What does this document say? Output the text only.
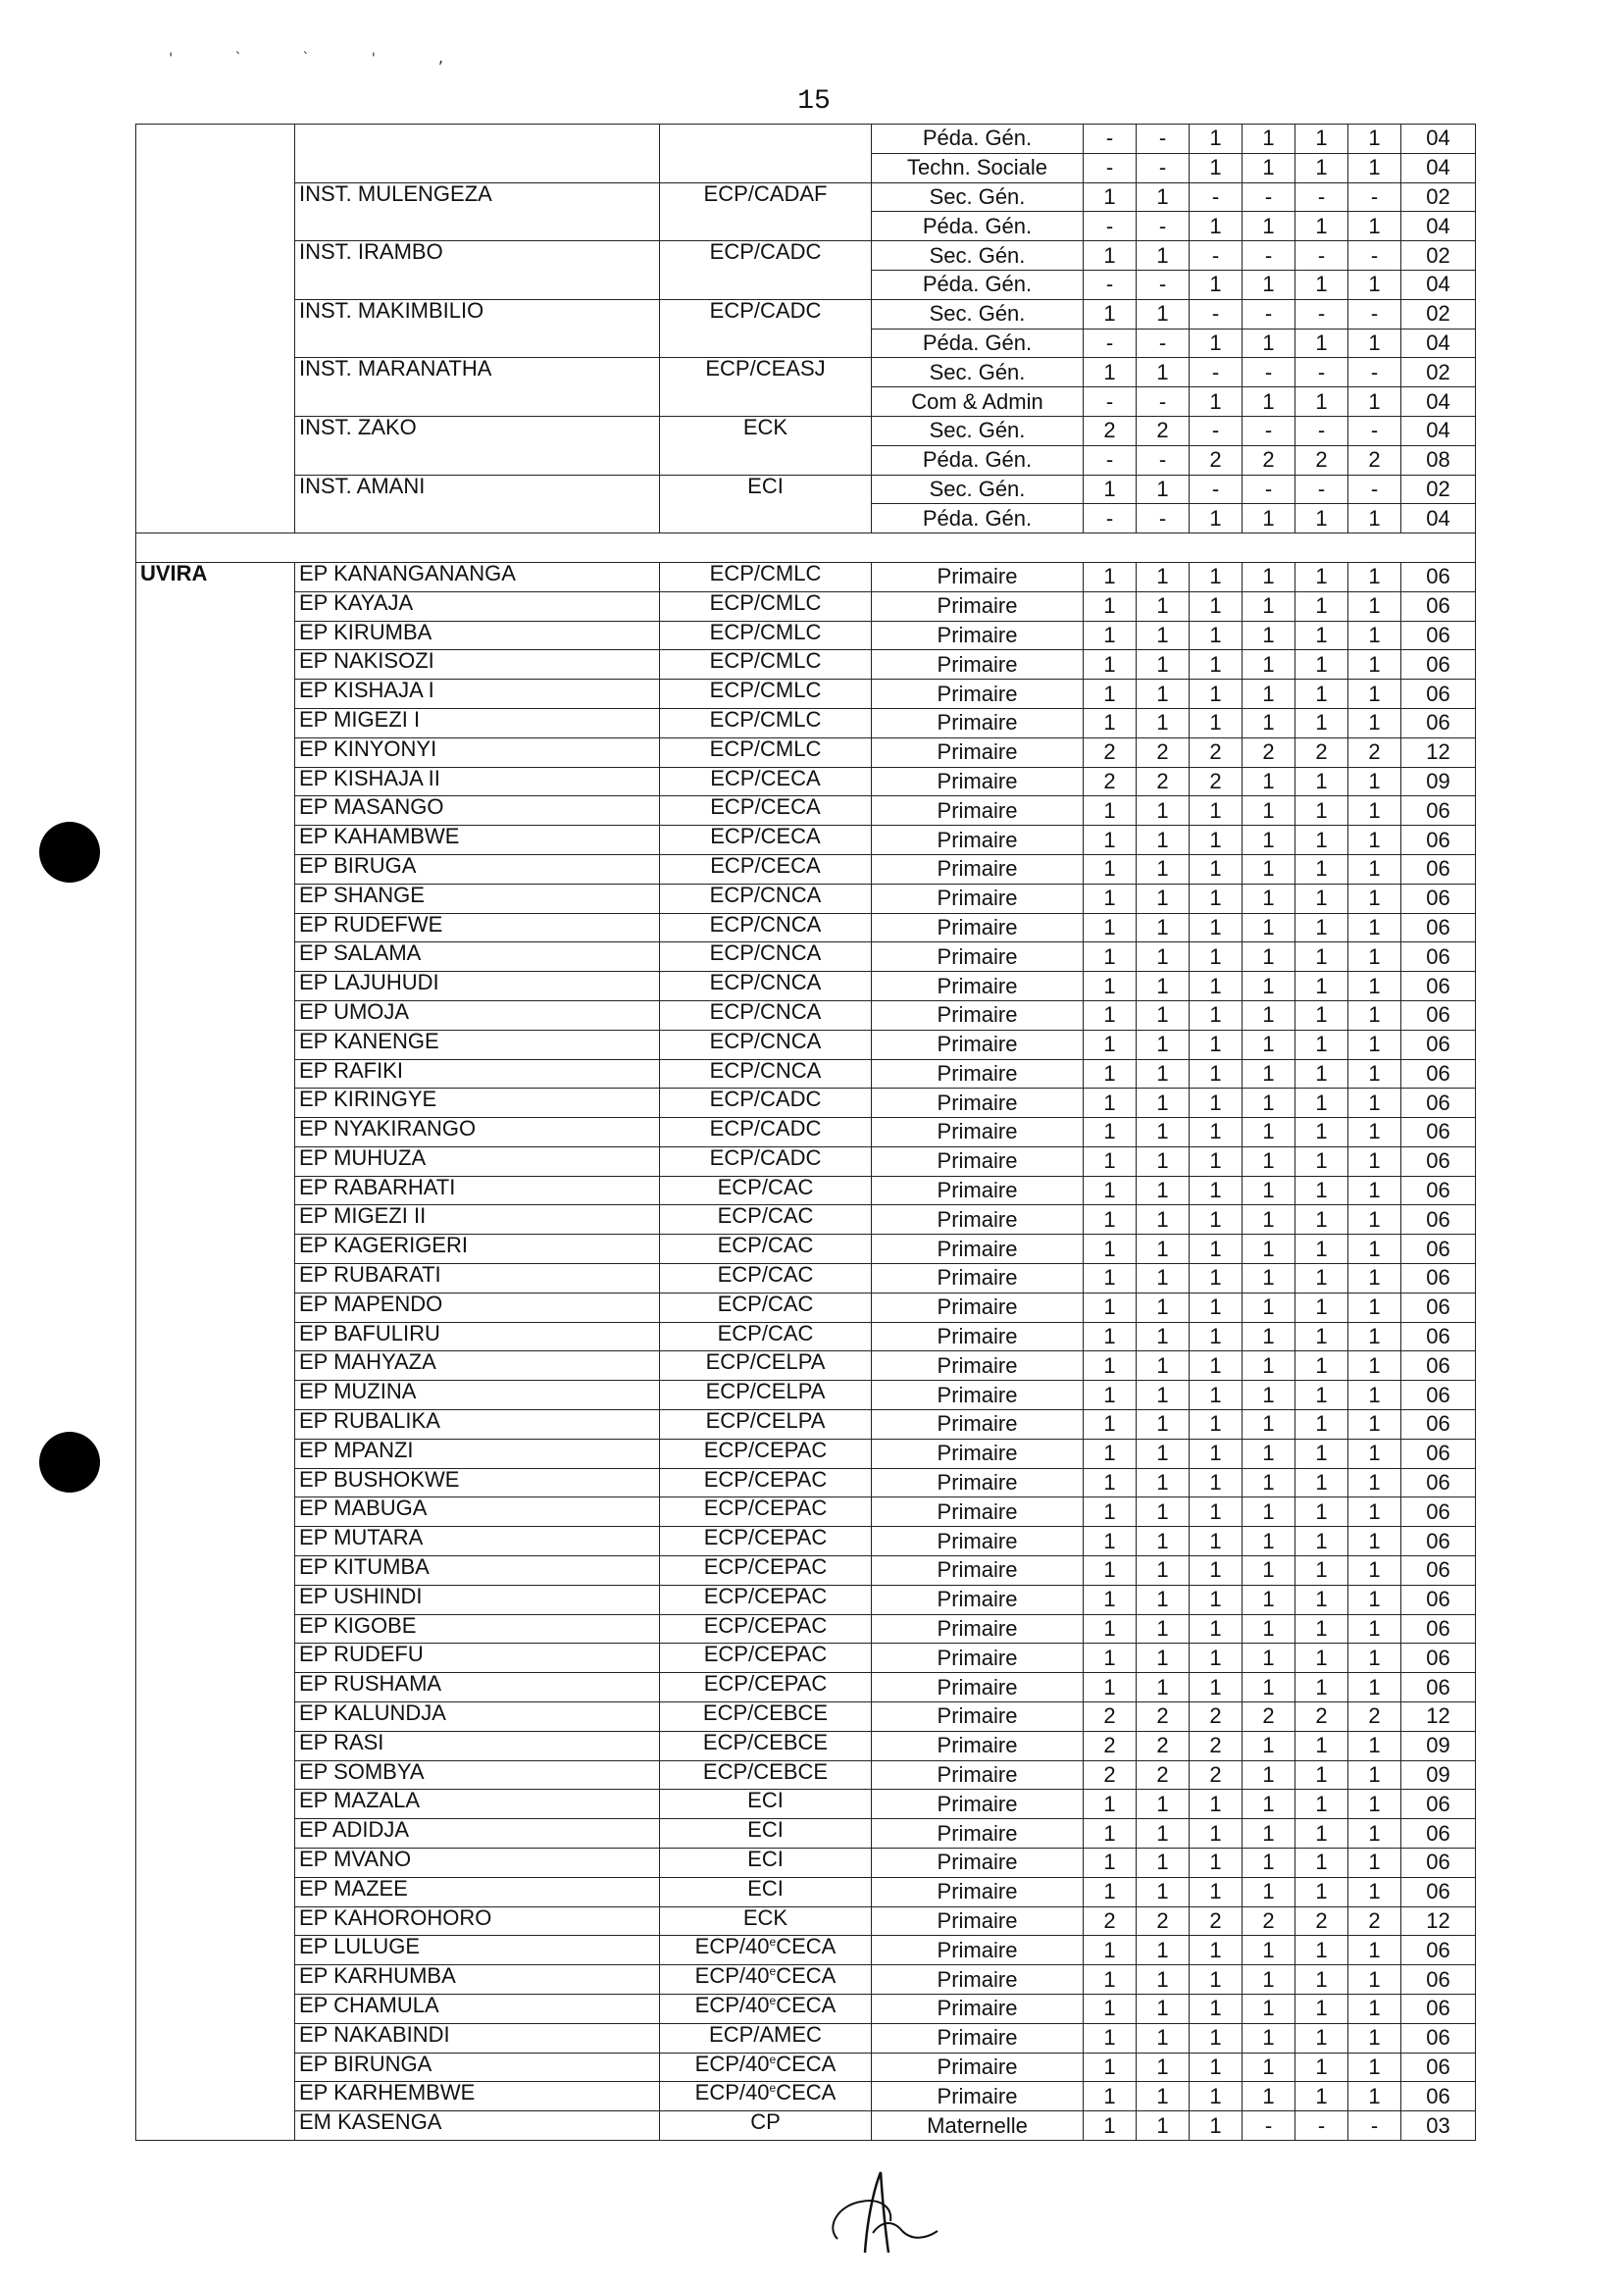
' ` ` ' ,
15
			Péda. Gén.	-	-	1	1	1	1	04
			Techn. Sociale	-	-	1	1	1	1	04
	INST. MULENGEZA	ECP/CADAF	Sec. Gén.	1	1	-	-	-	-	02
			Péda. Gén.	-	-	1	1	1	1	04
	INST. IRAMBO	ECP/CADC	Sec. Gén.	1	1	-	-	-	-	02
			Péda. Gén.	-	-	1	1	1	1	04
	INST. MAKIMBILIO	ECP/CADC	Sec. Gén.	1	1	-	-	-	-	02
			Péda. Gén.	-	-	1	1	1	1	04
	INST. MARANATHA	ECP/CEASJ	Sec. Gén.	1	1	-	-	-	-	02
			Com & Admin	-	-	1	1	1	1	04
	INST. ZAKO	ECK	Sec. Gén.	2	2	-	-	-	-	04
			Péda. Gén.	-	-	2	2	2	2	08
	INST. AMANI	ECI	Sec. Gén.	1	1	-	-	-	-	02
			Péda. Gén.	-	-	1	1	1	1	04

UVIRA	EP KANANGANANGA	ECP/CMLC	Primaire	1	1	1	1	1	1	06
	EP KAYAJA	ECP/CMLC	Primaire	1	1	1	1	1	1	06
	EP KIRUMBA	ECP/CMLC	Primaire	1	1	1	1	1	1	06
	EP NAKISOZI	ECP/CMLC	Primaire	1	1	1	1	1	1	06
	EP KISHAJA I	ECP/CMLC	Primaire	1	1	1	1	1	1	06
	EP MIGEZI I	ECP/CMLC	Primaire	1	1	1	1	1	1	06
	EP KINYONYI	ECP/CMLC	Primaire	2	2	2	2	2	2	12
	EP KISHAJA II	ECP/CECA	Primaire	2	2	2	1	1	1	09
	EP MASANGO	ECP/CECA	Primaire	1	1	1	1	1	1	06
	EP KAHAMBWE	ECP/CECA	Primaire	1	1	1	1	1	1	06
	EP BIRUGA	ECP/CECA	Primaire	1	1	1	1	1	1	06
	EP SHANGE	ECP/CNCA	Primaire	1	1	1	1	1	1	06
	EP RUDEFWE	ECP/CNCA	Primaire	1	1	1	1	1	1	06
	EP SALAMA	ECP/CNCA	Primaire	1	1	1	1	1	1	06
	EP LAJUHUDI	ECP/CNCA	Primaire	1	1	1	1	1	1	06
	EP UMOJA	ECP/CNCA	Primaire	1	1	1	1	1	1	06
	EP KANENGE	ECP/CNCA	Primaire	1	1	1	1	1	1	06
	EP RAFIKI	ECP/CNCA	Primaire	1	1	1	1	1	1	06
	EP KIRINGYE	ECP/CADC	Primaire	1	1	1	1	1	1	06
	EP NYAKIRANGO	ECP/CADC	Primaire	1	1	1	1	1	1	06
	EP MUHUZA	ECP/CADC	Primaire	1	1	1	1	1	1	06
	EP RABARHATI	ECP/CAC	Primaire	1	1	1	1	1	1	06
	EP MIGEZI II	ECP/CAC	Primaire	1	1	1	1	1	1	06
	EP KAGERIGERI	ECP/CAC	Primaire	1	1	1	1	1	1	06
	EP RUBARATI	ECP/CAC	Primaire	1	1	1	1	1	1	06
	EP MAPENDO	ECP/CAC	Primaire	1	1	1	1	1	1	06
	EP BAFULIRU	ECP/CAC	Primaire	1	1	1	1	1	1	06
	EP MAHYAZA	ECP/CELPA	Primaire	1	1	1	1	1	1	06
	EP MUZINA	ECP/CELPA	Primaire	1	1	1	1	1	1	06
	EP RUBALIKA	ECP/CELPA	Primaire	1	1	1	1	1	1	06
	EP MPANZI	ECP/CEPAC	Primaire	1	1	1	1	1	1	06
	EP BUSHOKWE	ECP/CEPAC	Primaire	1	1	1	1	1	1	06
	EP MABUGA	ECP/CEPAC	Primaire	1	1	1	1	1	1	06
	EP MUTARA	ECP/CEPAC	Primaire	1	1	1	1	1	1	06
	EP KITUMBA	ECP/CEPAC	Primaire	1	1	1	1	1	1	06
	EP USHINDI	ECP/CEPAC	Primaire	1	1	1	1	1	1	06
	EP KIGOBE	ECP/CEPAC	Primaire	1	1	1	1	1	1	06
	EP RUDEFU	ECP/CEPAC	Primaire	1	1	1	1	1	1	06
	EP RUSHAMA	ECP/CEPAC	Primaire	1	1	1	1	1	1	06
	EP KALUNDJA	ECP/CEBCE	Primaire	2	2	2	2	2	2	12
	EP RASI	ECP/CEBCE	Primaire	2	2	2	1	1	1	09
	EP SOMBYA	ECP/CEBCE	Primaire	2	2	2	1	1	1	09
	EP MAZALA	ECI	Primaire	1	1	1	1	1	1	06
	EP ADIDJA	ECI	Primaire	1	1	1	1	1	1	06
	EP MVANO	ECI	Primaire	1	1	1	1	1	1	06
	EP MAZEE	ECI	Primaire	1	1	1	1	1	1	06
	EP KAHOROHORO	ECK	Primaire	2	2	2	2	2	2	12
	EP LULUGE	ECP/40eCECA	Primaire	1	1	1	1	1	1	06
	EP KARHUMBA	ECP/40eCECA	Primaire	1	1	1	1	1	1	06
	EP CHAMULA	ECP/40eCECA	Primaire	1	1	1	1	1	1	06
	EP NAKABINDI	ECP/AMEC	Primaire	1	1	1	1	1	1	06
	EP BIRUNGA	ECP/40eCECA	Primaire	1	1	1	1	1	1	06
	EP KARHEMBWE	ECP/40eCECA	Primaire	1	1	1	1	1	1	06
	EM KASENGA	CP	Maternelle	1	1	1	-	-	-	03
